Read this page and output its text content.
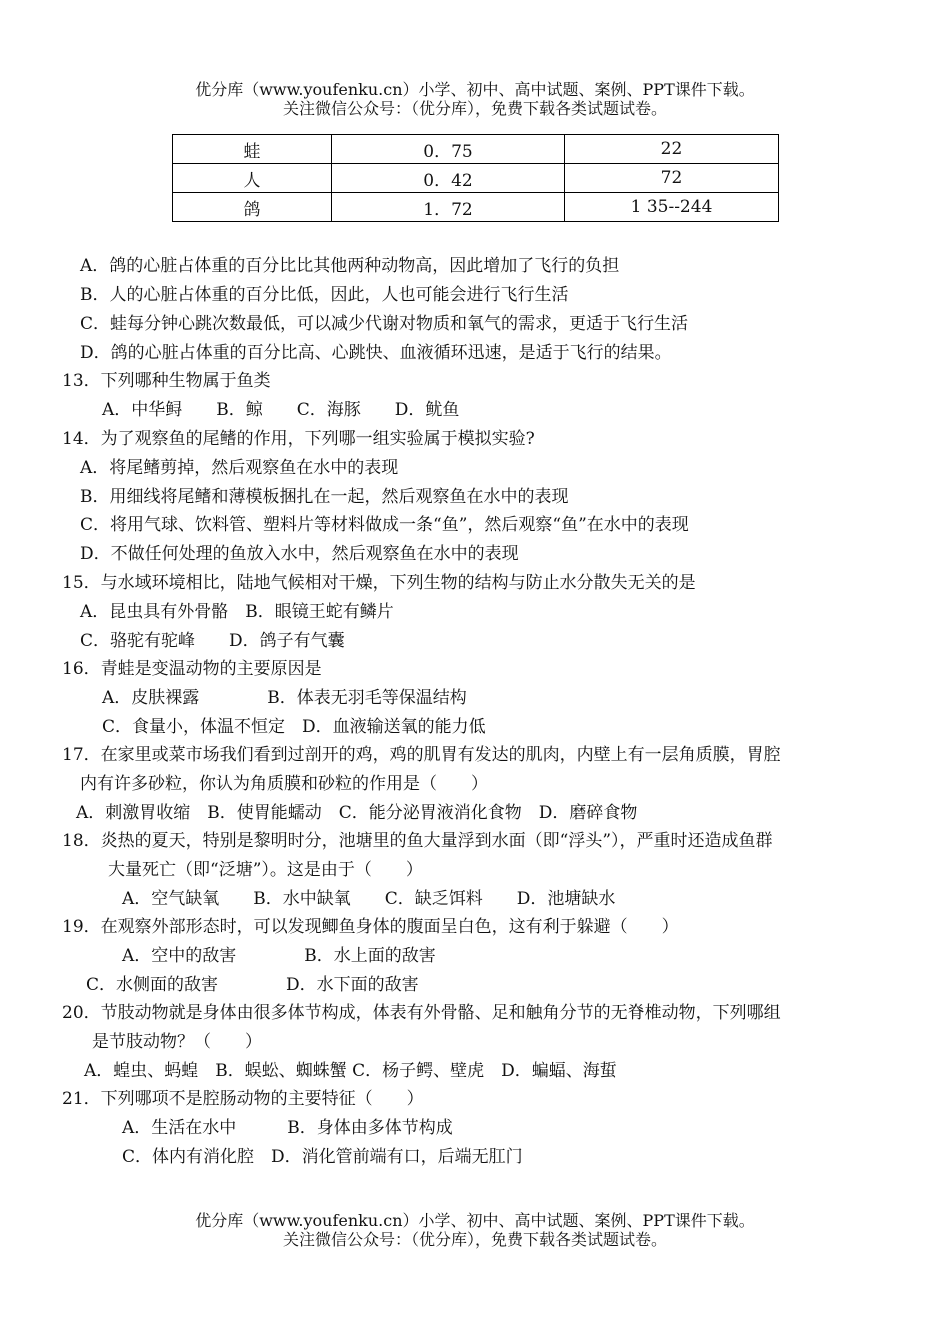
优分库（www.youfenku.cn）小学、初中、高中试题、案例、PPT课件下载。
关注微信公众号：（优分库），免费下载各类试题试卷。
蛙	0．75	22
人	0．42	72
鸽	1．72	1 35--244
A．鸽的心脏占体重的百分比比其他两种动物高，因此增加了飞行的负担
B．人的心脏占体重的百分比低，因此，人也可能会进行飞行生活
C．蛙每分钟心跳次数最低，可以减少代谢对物质和氧气的需求，更适于飞行生活
D．鸽的心脏占体重的百分比高、心跳快、血液循环迅速，是适于飞行的结果。
13．下列哪种生物属于鱼类
A．中华鲟　　B．鲸　　C．海豚　　D．鱿鱼
14．为了观察鱼的尾鳍的作用，下列哪一组实验属于模拟实验?
A．将尾鳍剪掉，然后观察鱼在水中的表现
B．用细线将尾鳍和薄模板捆扎在一起，然后观察鱼在水中的表现
C．将用气球、饮料管、塑料片等材料做成一条“鱼”，然后观察“鱼”在水中的表现
D．不做任何处理的鱼放入水中，然后观察鱼在水中的表现
15．与水域环境相比，陆地气候相对干燥，下列生物的结构与防止水分散失无关的是
A．昆虫具有外骨骼　B．眼镜王蛇有鳞片
C．骆驼有驼峰　　D．鸽子有气囊
16．青蛙是变温动物的主要原因是
A．皮肤裸露　　　　B．体表无羽毛等保温结构
C．食量小，体温不恒定　D．血液输送氧的能力低
17．在家里或菜市场我们看到过剖开的鸡，鸡的肌胃有发达的肌肉，内壁上有一层角质膜，胃腔
内有许多砂粒，你认为角质膜和砂粒的作用是（　　）
A．刺激胃收缩　B．使胃能蠕动　C．能分泌胃液消化食物　D．磨碎食物
18．炎热的夏天，特别是黎明时分，池塘里的鱼大量浮到水面（即“浮头”），严重时还造成鱼群
大量死亡（即“泛塘”）。这是由于（　　）
A．空气缺氧　　B．水中缺氧　　C．缺乏饵料　　D．池塘缺水
19．在观察外部形态时，可以发现鲫鱼身体的腹面呈白色，这有利于躲避（　　）
A．空中的敌害　　　　B．水上面的敌害
C．水侧面的敌害　　　　D．水下面的敌害
20．节肢动物就是身体由很多体节构成，体表有外骨骼、足和触角分节的无脊椎动物，下列哪组
是节肢动物？（　　）
A．蝗虫、蚂蝗　B．蜈蚣、蜘蛛蟹 C．杨子鳄、壁虎　D．蝙蝠、海蜇
21．下列哪项不是腔肠动物的主要特征（　　）
A．生活在水中　　　B．身体由多体节构成
C．体内有消化腔　D．消化管前端有口，后端无肛门
优分库（www.youfenku.cn）小学、初中、高中试题、案例、PPT课件下载。
关注微信公众号：（优分库），免费下载各类试题试卷。
